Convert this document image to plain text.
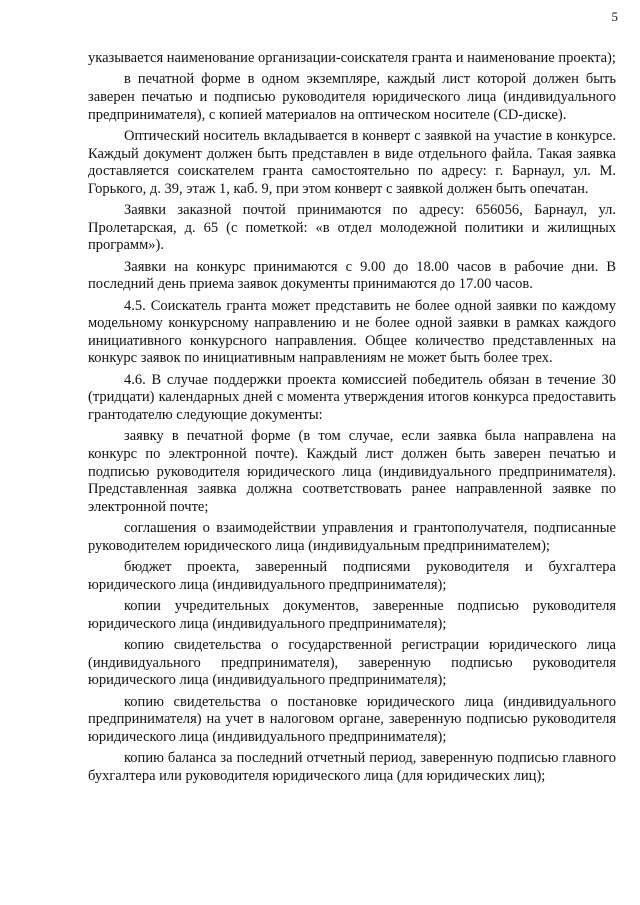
5

указывается наименование организации-соискателя гранта и наименование проекта);

в печатной форме в одном экземпляре, каждый лист которой должен быть заверен печатью и подписью руководителя юридического лица (индивидуального предпринимателя), с копией материалов на оптическом носителе (CD-диске).

Оптический носитель вкладывается в конверт с заявкой на участие в конкурсе. Каждый документ должен быть представлен в виде отдельного файла. Такая заявка доставляется соискателем гранта самостоятельно по адресу: г. Барнаул, ул. М. Горького, д. 39, этаж 1, каб. 9, при этом конверт с заявкой должен быть опечатан.

Заявки заказной почтой принимаются по адресу: 656056, Барнаул, ул. Пролетарская, д. 65 (с пометкой: «в отдел молодежной политики и жилищных программ»).

Заявки на конкурс принимаются с 9.00 до 18.00 часов в рабочие дни. В последний день приема заявок документы принимаются до 17.00 часов.

4.5. Соискатель гранта может представить не более одной заявки по каждому модельному конкурсному направлению и не более одной заявки в рамках каждого инициативного конкурсного направления. Общее количество представленных на конкурс заявок по инициативным направлениям не может быть более трех.

4.6. В случае поддержки проекта комиссией победитель обязан в течение 30 (тридцати) календарных дней с момента утверждения итогов конкурса предоставить грантодателю следующие документы:

заявку в печатной форме (в том случае, если заявка была направлена на конкурс по электронной почте). Каждый лист должен быть заверен печатью и подписью руководителя юридического лица (индивидуального предпринимателя). Представленная заявка должна соответствовать ранее направленной заявке по электронной почте;

соглашения о взаимодействии управления и грантополучателя, подписанные руководителем юридического лица (индивидуальным предпринимателем);

бюджет проекта, заверенный подписями руководителя и бухгалтера юридического лица (индивидуального предпринимателя);

копии учредительных документов, заверенные подписью руководителя юридического лица (индивидуального предпринимателя);

копию свидетельства о государственной регистрации юридического лица (индивидуального предпринимателя), заверенную подписью руководителя юридического лица (индивидуального предпринимателя);

копию свидетельства о постановке юридического лица (индивидуального предпринимателя) на учет в налоговом органе, заверенную подписью руководителя юридического лица (индивидуального предпринимателя);

копию баланса за последний отчетный период, заверенную подписью главного бухгалтера или руководителя юридического лица (для юридических лиц);
